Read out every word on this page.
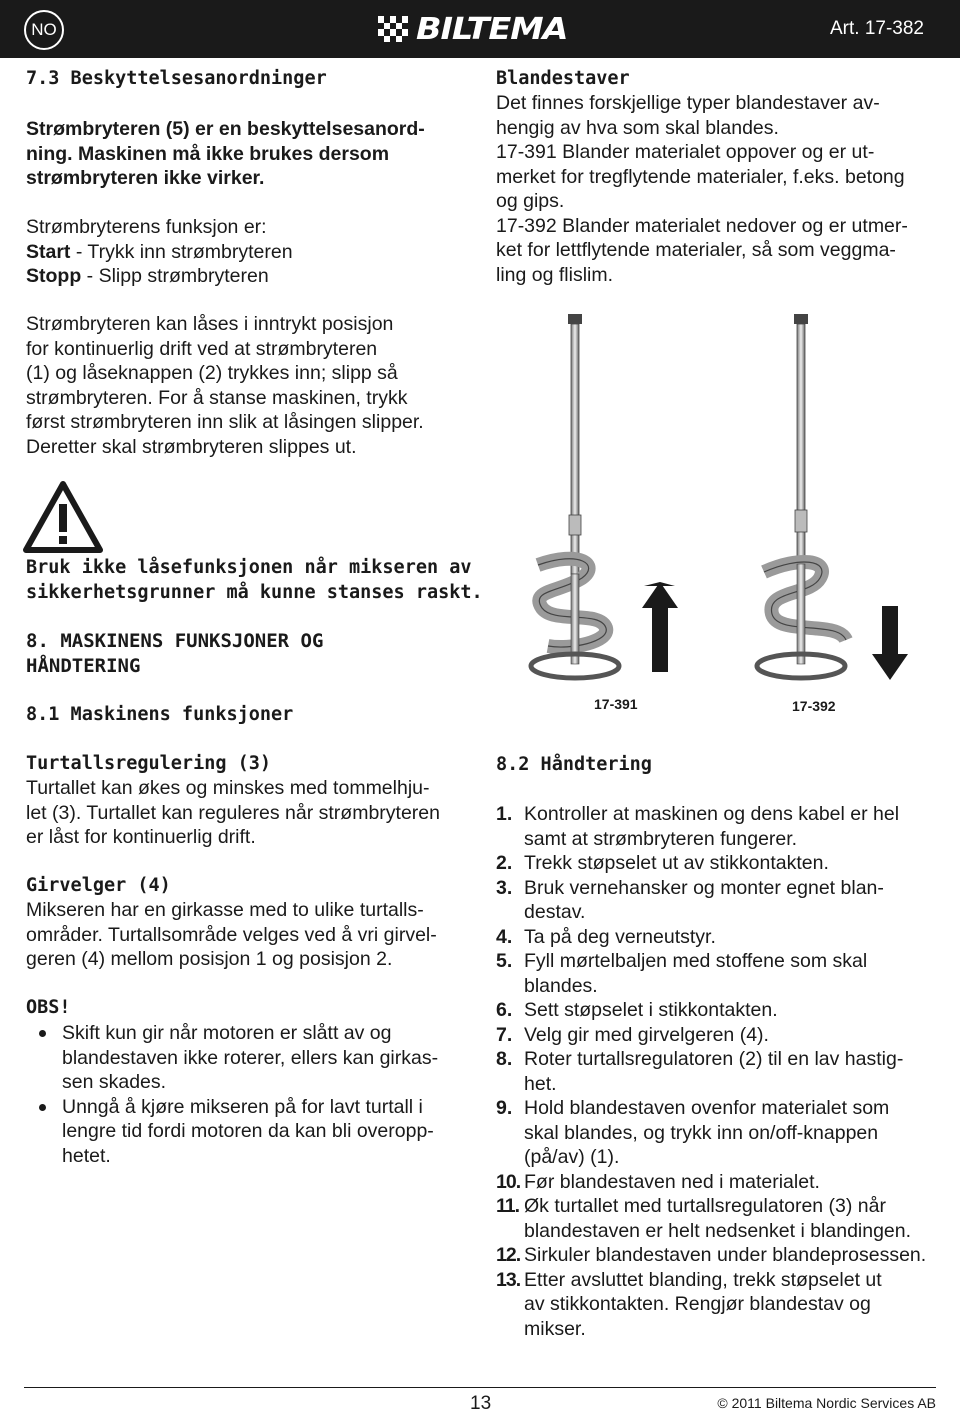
NO	BILTEMA	Art. 17-382
7.3 Beskyttelsesanordninger

Strømbryteren (5) er en beskyttelsesanord-

ning. Maskinen må ikke brukes dersom

strømbryteren ikke virker.

Strømbryterens funksjon er:

Start - Trykk inn strømbryteren

Stopp - Slipp strømbryteren

Strømbryteren kan låses i inntrykt posisjon

for kontinuerlig drift ved at strømbryteren

(1) og låseknappen (2) trykkes inn; slipp så

strømbryteren. For å stanse maskinen, trykk

først strømbryteren inn slik at låsingen slipper.

Deretter skal strømbryteren slippes ut.

Bruk ikke låsefunksjonen når mikseren av

sikkerhetsgrunner må kunne stanses raskt.

8. MASKINENS FUNKSJONER OG

HÅNDTERING

8.1 Maskinens funksjoner
Turtallsregulering (3)

Turtallet kan økes og minskes med tommelhju-

let (3). Turtallet kan reguleres når strømbryteren

er låst for kontinuerlig drift.

Girvelger (4)

Mikseren har en girkasse med to ulike turtalls-

områder. Turtallsområde velges ved å vri girvel-

geren (4) mellom posisjon 1 og posisjon 2.

OBS!

Skift kun gir når motoren er slått av og

blandestaven ikke roterer, ellers kan girkas-

sen skades.

Unngå å kjøre mikseren på for lavt turtall i

lengre tid fordi motoren da kan bli overopp-

hetet.

Blandestaver

Det finnes forskjellige typer blandestaver av-

hengig av hva som skal blandes.

17-391 Blander materialet oppover og er ut-

merket for tregflytende materialer, f.eks. betong

og gips.

17-392 Blander materialet nedover og er utmer-

ket for lettflytende materialer, så som veggma-

ling og flislim.

17-391	17-392
8.2 Håndtering
1. Kontroller at maskinen og dens kabel er hel

samt at strømbryteren fungerer.

2. Trekk støpselet ut av stikkontakten.

3. Bruk vernehansker og monter egnet blan-

destav.

4. Ta på deg verneutstyr.

5. Fyll mørtelbaljen med stoffene som skal

blandes.

6. Sett støpselet i stikkontakten.

7. Velg gir med girvelgeren (4).

8. Roter turtallsregulatoren (2) til en lav hastig-

het.

9. Hold blandestaven ovenfor materialet som

skal blandes, og trykk inn on/off-knappen

(på/av) (1).

10. Før blandestaven ned i materialet.

11. Øk turtallet med turtallsregulatoren (3) når

blandestaven er helt nedsenket i blandingen.

12. Sirkuler blandestaven under blandeprosessen.

13. Etter avsluttet blanding, trekk støpselet ut

av stikkontakten. Rengjør blandestav og

mikser.

13	© 2011 Biltema Nordic Services AB
